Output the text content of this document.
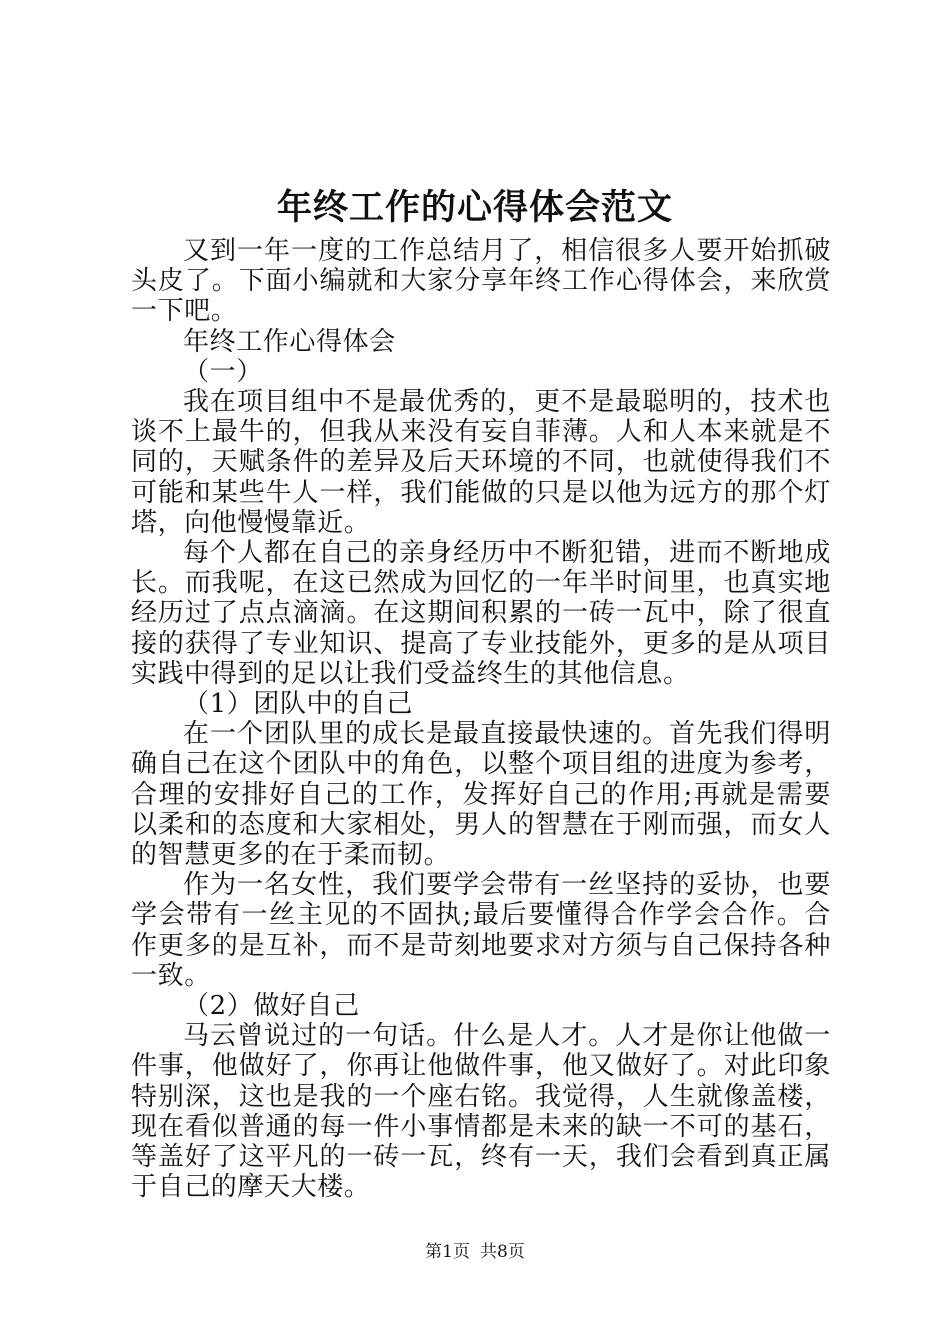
年终工作的心得体会范文

又到一年一度的工作总结月了，相信很多人要开始抓破头皮了。下面小编就和大家分享年终工作心得体会，来欣赏一下吧。

年终工作心得体会

（一）

我在项目组中不是最优秀的，更不是最聪明的，技术也谈不上最牛的，但我从来没有妄自菲薄。人和人本来就是不同的，天赋条件的差异及后天环境的不同，也就使得我们不可能和某些牛人一样，我们能做的只是以他为远方的那个灯塔，向他慢慢靠近。

每个人都在自己的亲身经历中不断犯错，进而不断地成长。而我呢，在这已然成为回忆的一年半时间里，也真实地经历过了点点滴滴。在这期间积累的一砖一瓦中，除了很直接的获得了专业知识、提高了专业技能外，更多的是从项目实践中得到的足以让我们受益终生的其他信息。

（1）团队中的自己

在一个团队里的成长是最直接最快速的。首先我们得明确自己在这个团队中的角色，以整个项目组的进度为参考，合理的安排好自己的工作，发挥好自己的作用;再就是需要以柔和的态度和大家相处，男人的智慧在于刚而强，而女人的智慧更多的在于柔而韧。

作为一名女性，我们要学会带有一丝坚持的妥协，也要学会带有一丝主见的不固执;最后要懂得合作学会合作。合作更多的是互补，而不是苛刻地要求对方须与自己保持各种一致。

（2）做好自己

马云曾说过的一句话。什么是人才。人才是你让他做一件事，他做好了，你再让他做件事，他又做好了。对此印象特别深，这也是我的一个座右铭。我觉得，人生就像盖楼，现在看似普通的每一件小事情都是未来的缺一不可的基石，等盖好了这平凡的一砖一瓦，终有一天，我们会看到真正属于自己的摩天大楼。

第1页 共8页
